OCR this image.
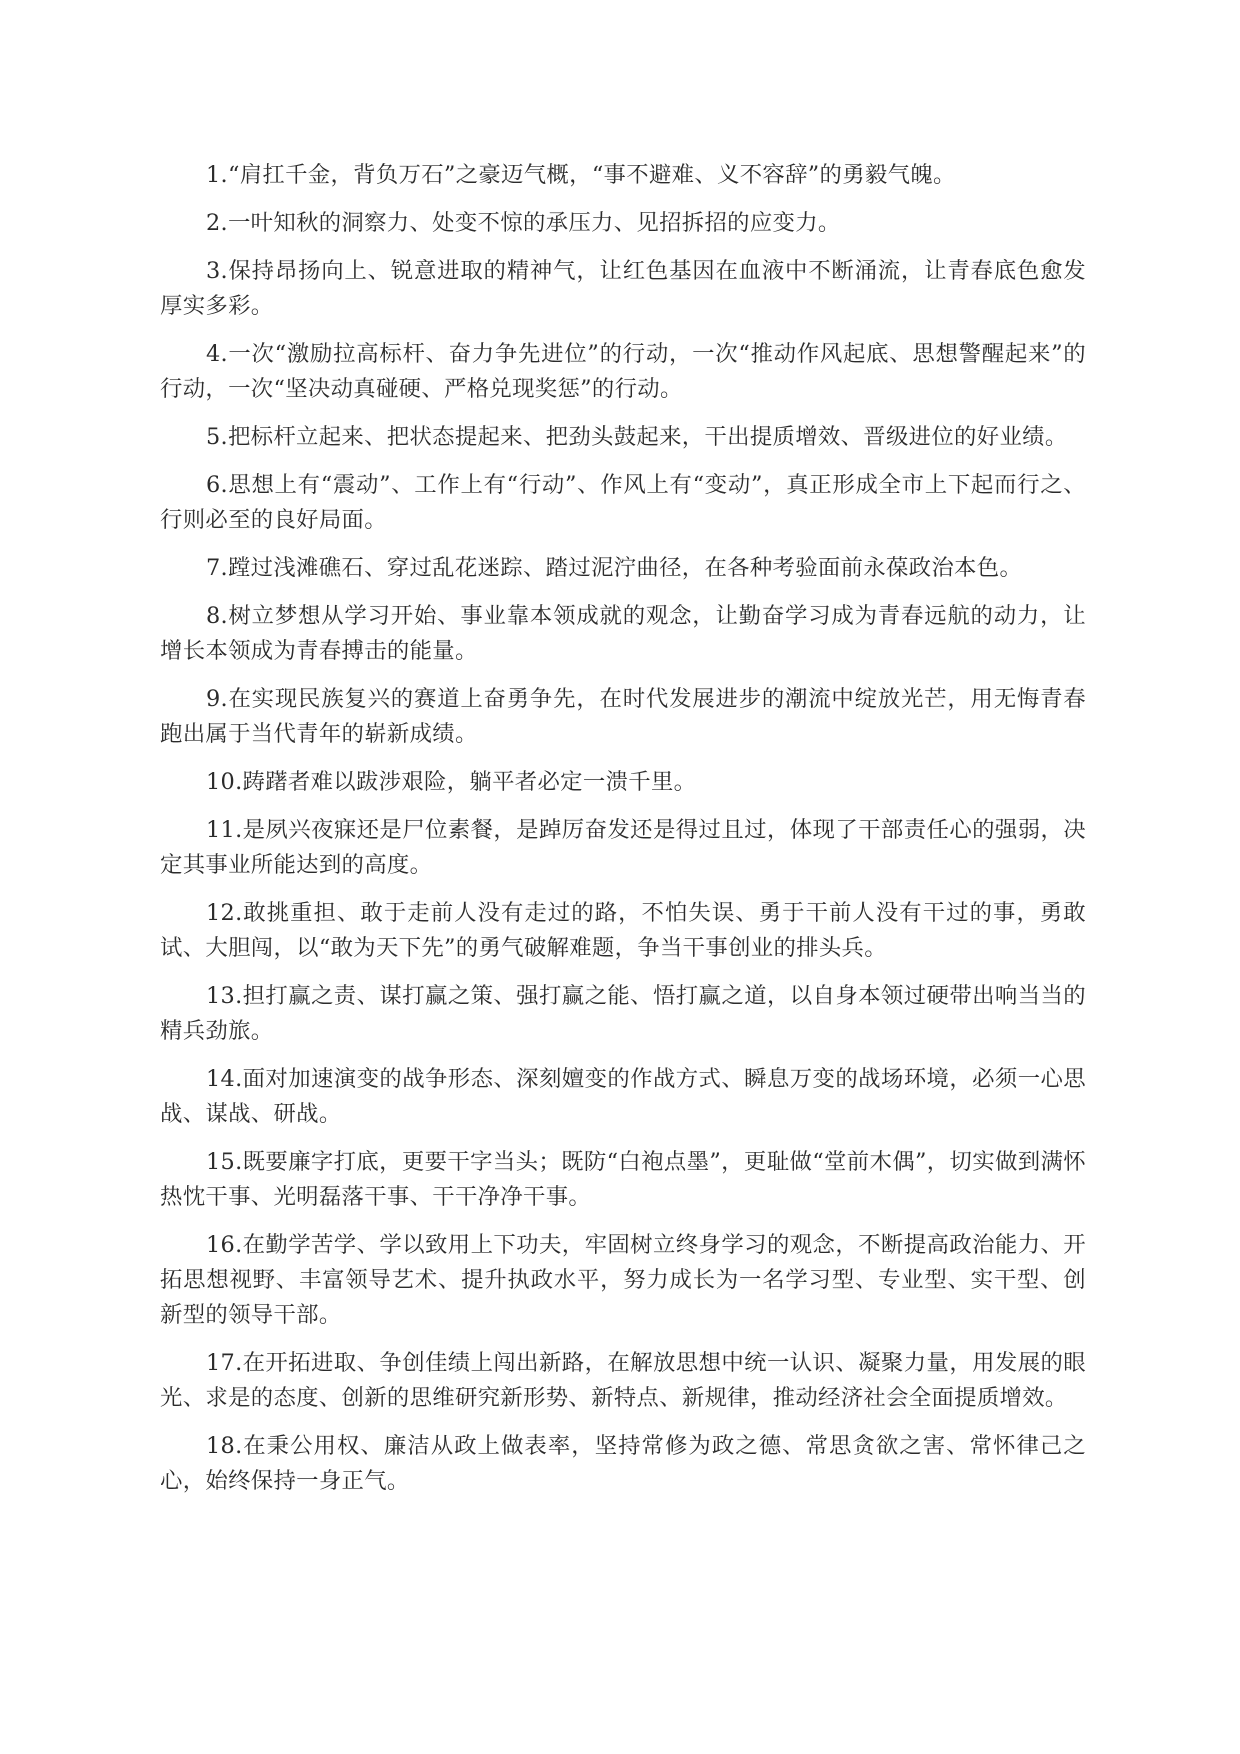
1.“肩扛千金，背负万石”之豪迈气概，“事不避难、义不容辞”的勇毅气魄。

2.一叶知秋的洞察力、处变不惊的承压力、见招拆招的应变力。

3.保持昂扬向上、锐意进取的精神气，让红色基因在血液中不断涌流，让青春底色愈发厚实多彩。

4.一次“激励拉高标杆、奋力争先进位”的行动，一次“推动作风起底、思想警醒起来”的行动，一次“坚决动真碰硬、严格兑现奖惩”的行动。

5.把标杆立起来、把状态提起来、把劲头鼓起来，干出提质增效、晋级进位的好业绩。

6.思想上有“震动”、工作上有“行动”、作风上有“变动”，真正形成全市上下起而行之、行则必至的良好局面。

7.蹚过浅滩礁石、穿过乱花迷踪、踏过泥泞曲径，在各种考验面前永葆政治本色。

8.树立梦想从学习开始、事业靠本领成就的观念，让勤奋学习成为青春远航的动力，让增长本领成为青春搏击的能量。

9.在实现民族复兴的赛道上奋勇争先，在时代发展进步的潮流中绽放光芒，用无悔青春跑出属于当代青年的崭新成绩。

10.踌躇者难以跋涉艰险，躺平者必定一溃千里。

11.是夙兴夜寐还是尸位素餐，是踔厉奋发还是得过且过，体现了干部责任心的强弱，决定其事业所能达到的高度。

12.敢挑重担、敢于走前人没有走过的路，不怕失误、勇于干前人没有干过的事，勇敢试、大胆闯，以“敢为天下先”的勇气破解难题，争当干事创业的排头兵。

13.担打赢之责、谋打赢之策、强打赢之能、悟打赢之道，以自身本领过硬带出响当当的精兵劲旅。

14.面对加速演变的战争形态、深刻嬗变的作战方式、瞬息万变的战场环境，必须一心思战、谋战、研战。

15.既要廉字打底，更要干字当头；既防“白袍点墨”，更耻做“堂前木偶”，切实做到满怀热忱干事、光明磊落干事、干干净净干事。

16.在勤学苦学、学以致用上下功夫，牢固树立终身学习的观念，不断提高政治能力、开拓思想视野、丰富领导艺术、提升执政水平，努力成长为一名学习型、专业型、实干型、创新型的领导干部。

17.在开拓进取、争创佳绩上闯出新路，在解放思想中统一认识、凝聚力量，用发展的眼光、求是的态度、创新的思维研究新形势、新特点、新规律，推动经济社会全面提质增效。

18.在秉公用权、廉洁从政上做表率，坚持常修为政之德、常思贪欲之害、常怀律己之心，始终保持一身正气。
